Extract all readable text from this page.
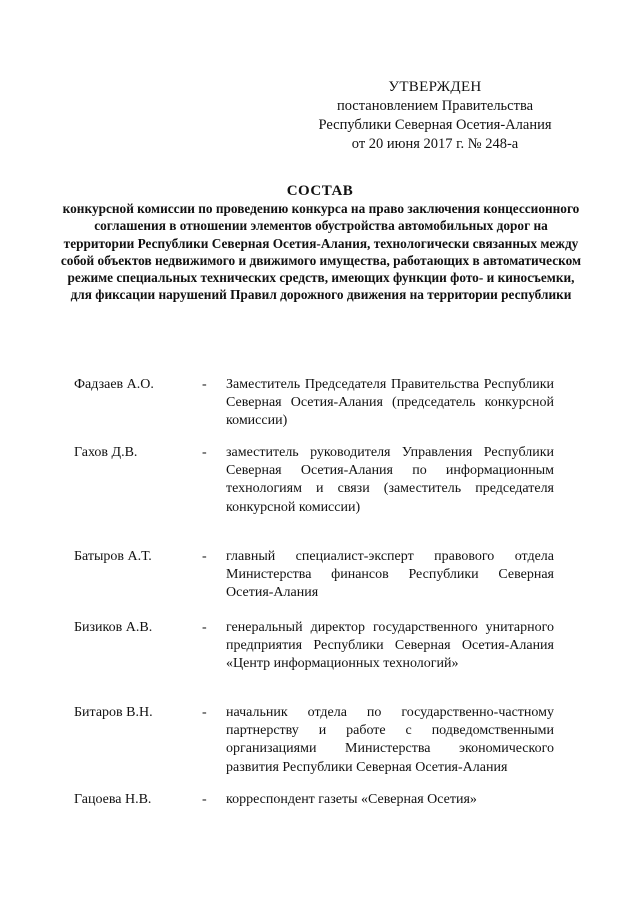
УТВЕРЖДЕН
постановлением Правительства
Республики Северная Осетия-Алания
от 20 июня 2017 г. № 248-а
СОСТАВ
конкурсной комиссии по проведению конкурса на право заключения концессионного соглашения в отношении элементов обустройства автомобильных дорог на территории Республики Северная Осетия-Алания, технологически связанных между собой объектов недвижимого и движимого имущества, работающих в автоматическом режиме специальных технических средств, имеющих функции фото- и киносъемки, для фиксации нарушений Правил дорожного движения на территории республики
Фадзаев А.О.	-	Заместитель Председателя Правительства Республики Северная Осетия-Алания (председатель конкурсной комиссии)
Гахов Д.В.	-	заместитель руководителя Управления Республики Северная Осетия-Алания по информационным технологиям и связи (заместитель председателя конкурсной комиссии)
Батыров А.Т.	-	главный специалист-эксперт правового отдела Министерства финансов Республики Северная Осетия-Алания
Бизиков А.В.	-	генеральный директор государственного унитарного предприятия Республики Северная Осетия-Алания «Центр информационных технологий»
Битаров В.Н.	-	начальник отдела по государственно-частному партнерству и работе с подведомственными организациями Министерства экономического развития Республики Северная Осетия-Алания
Гацоева Н.В.	-	корреспондент газеты «Северная Осетия»
